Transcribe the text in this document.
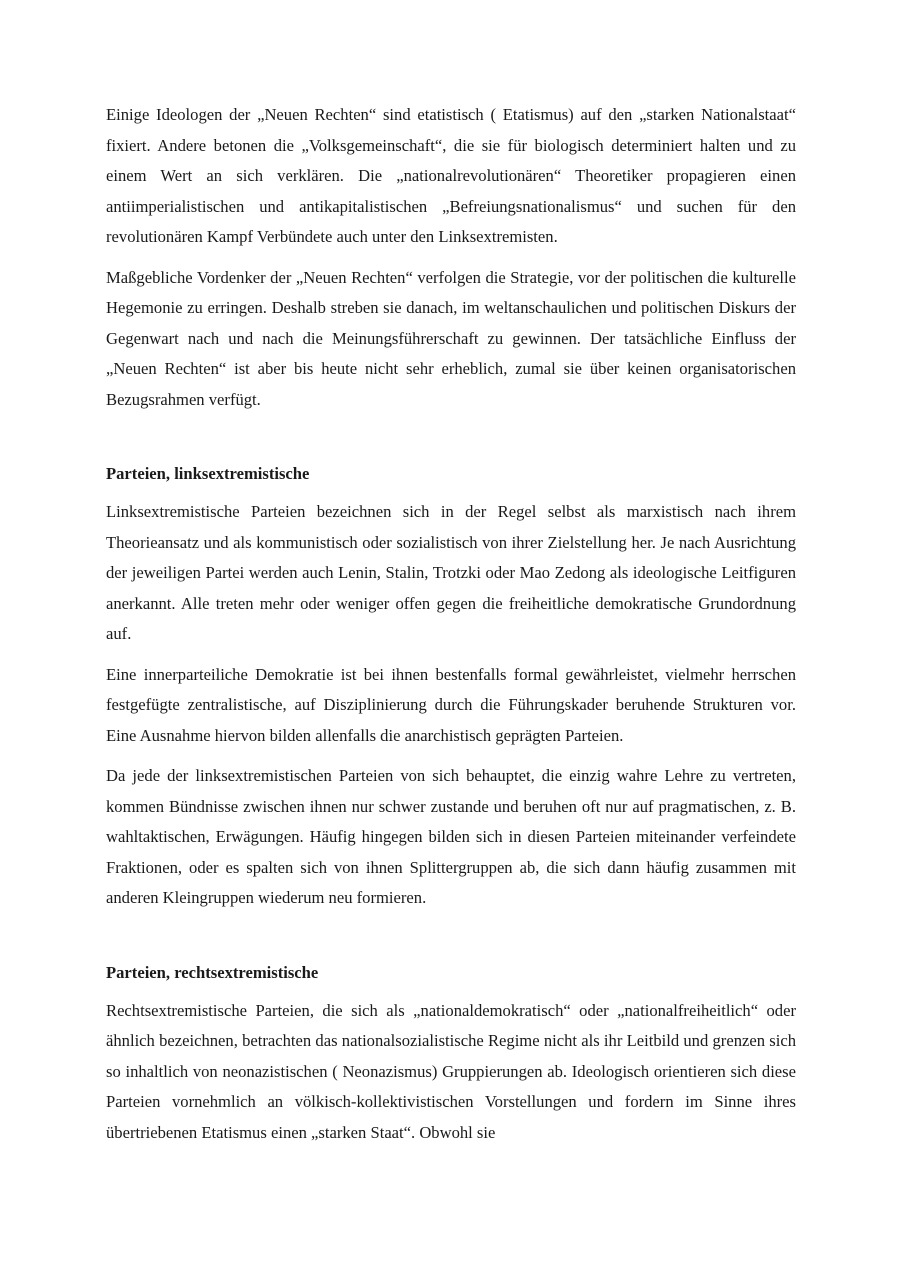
Einige Ideologen der „Neuen Rechten“ sind etatistisch ( Etatismus) auf den „starken Nationalstaat“ fixiert. Andere betonen die „Volksgemeinschaft“, die sie für biologisch determiniert halten und zu einem Wert an sich verklären. Die „nationalrevolutionären“ Theoretiker propagieren einen antiimperialistischen und antikapitalistischen „Befreiungsnationalismus“ und suchen für den revolutionären Kampf Verbündete auch unter den Linksextremisten.

Maßgebliche Vordenker der „Neuen Rechten“ verfolgen die Strategie, vor der politischen die kulturelle Hegemonie zu erringen. Deshalb streben sie danach, im weltanschaulichen und politischen Diskurs der Gegenwart nach und nach die Meinungsführerschaft zu gewinnen. Der tatsächliche Einfluss der „Neuen Rechten“ ist aber bis heute nicht sehr erheblich, zumal sie über keinen organisatorischen Bezugsrahmen verfügt.

Parteien, linksextremistische

Linksextremistische Parteien bezeichnen sich in der Regel selbst als marxistisch nach ihrem Theorieansatz und als kommunistisch oder sozialistisch von ihrer Zielstellung her. Je nach Ausrichtung der jeweiligen Partei werden auch Lenin, Stalin, Trotzki oder Mao Zedong als ideologische Leitfiguren anerkannt. Alle treten mehr oder weniger offen gegen die freiheitliche demokratische Grundordnung auf.

Eine innerparteiliche Demokratie ist bei ihnen bestenfalls formal gewährleistet, vielmehr herrschen festgefügte zentralistische, auf Disziplinierung durch die Führungskader beruhende Strukturen vor. Eine Ausnahme hiervon bilden allenfalls die anarchistisch geprägten Parteien.

Da jede der linksextremistischen Parteien von sich behauptet, die einzig wahre Lehre zu vertreten, kommen Bündnisse zwischen ihnen nur schwer zustande und beruhen oft nur auf pragmatischen, z. B. wahltaktischen, Erwägungen. Häufig hingegen bilden sich in diesen Parteien miteinander verfeindete Fraktionen, oder es spalten sich von ihnen Splittergruppen ab, die sich dann häufig zusammen mit anderen Kleingruppen wiederum neu formieren.

Parteien, rechtsextremistische

Rechtsextremistische Parteien, die sich als „nationaldemokratisch“ oder „nationalfreiheitlich“ oder ähnlich bezeichnen, betrachten das nationalsozialistische Regime nicht als ihr Leitbild und grenzen sich so inhaltlich von neonazistischen ( Neonazismus) Gruppierungen ab. Ideologisch orientieren sich diese Parteien vornehmlich an völkisch-kollektivistischen Vorstellungen und fordern im Sinne ihres übertriebenen Etatismus einen „starken Staat“. Obwohl sie
